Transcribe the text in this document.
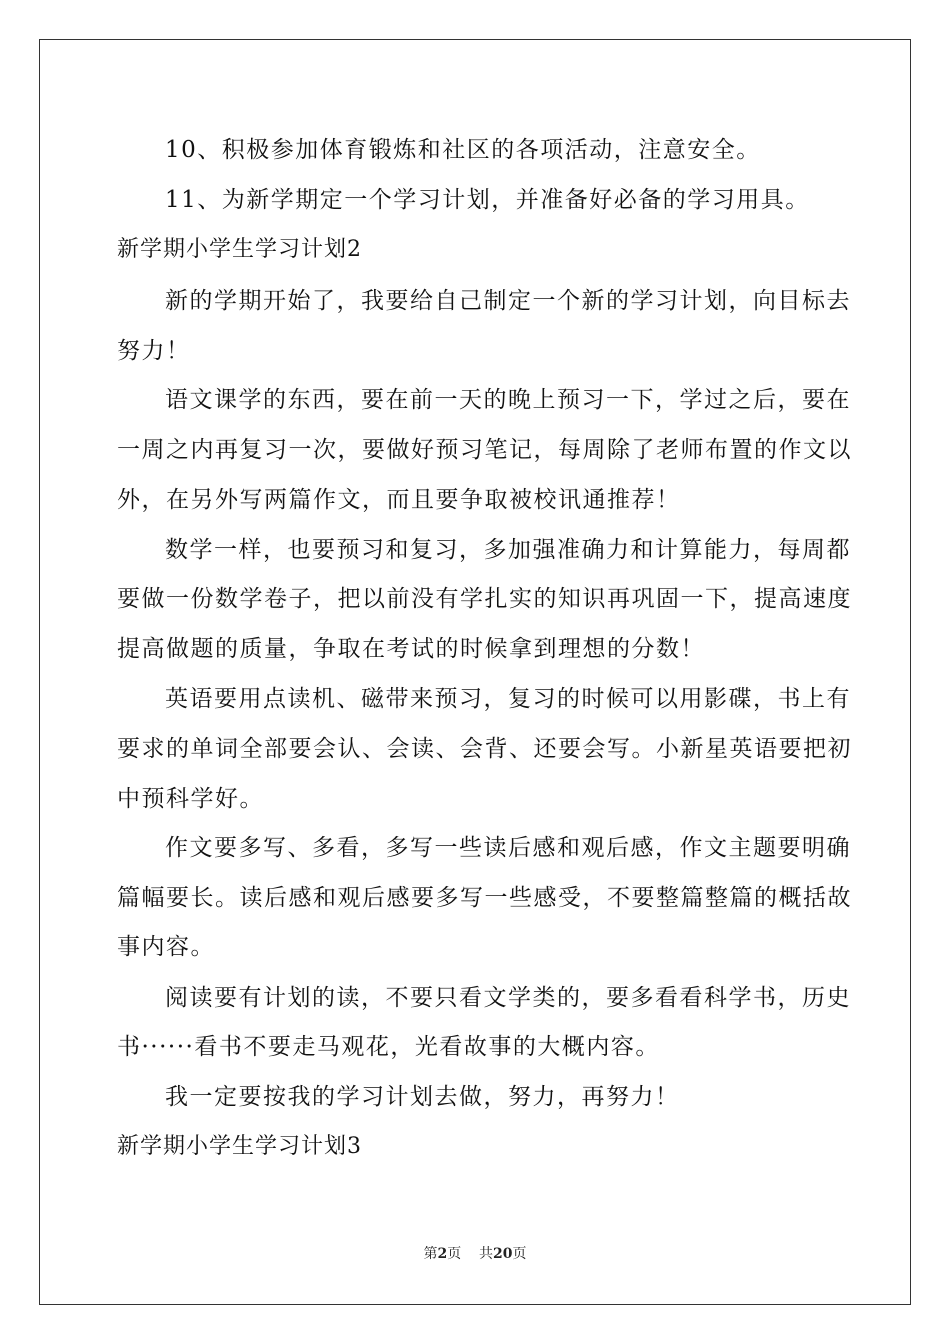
10、积极参加体育锻炼和社区的各项活动，注意安全。
11、为新学期定一个学习计划，并准备好必备的学习用具。
新学期小学生学习计划2
新的学期开始了，我要给自己制定一个新的学习计划，向目标去
努力！
语文课学的东西，要在前一天的晚上预习一下，学过之后，要在
一周之内再复习一次，要做好预习笔记，每周除了老师布置的作文以
外，在另外写两篇作文，而且要争取被校讯通推荐！
数学一样，也要预习和复习，多加强准确力和计算能力，每周都
要做一份数学卷子，把以前没有学扎实的知识再巩固一下，提高速度
提高做题的质量，争取在考试的时候拿到理想的分数！
英语要用点读机、磁带来预习，复习的时候可以用影碟，书上有
要求的单词全部要会认、会读、会背、还要会写。小新星英语要把初
中预科学好。
作文要多写、多看，多写一些读后感和观后感，作文主题要明确
篇幅要长。读后感和观后感要多写一些感受，不要整篇整篇的概括故
事内容。
阅读要有计划的读，不要只看文学类的，要多看看科学书，历史
书······看书不要走马观花，光看故事的大概内容。
我一定要按我的学习计划去做，努力，再努力！
新学期小学生学习计划3
第2页 共20页
